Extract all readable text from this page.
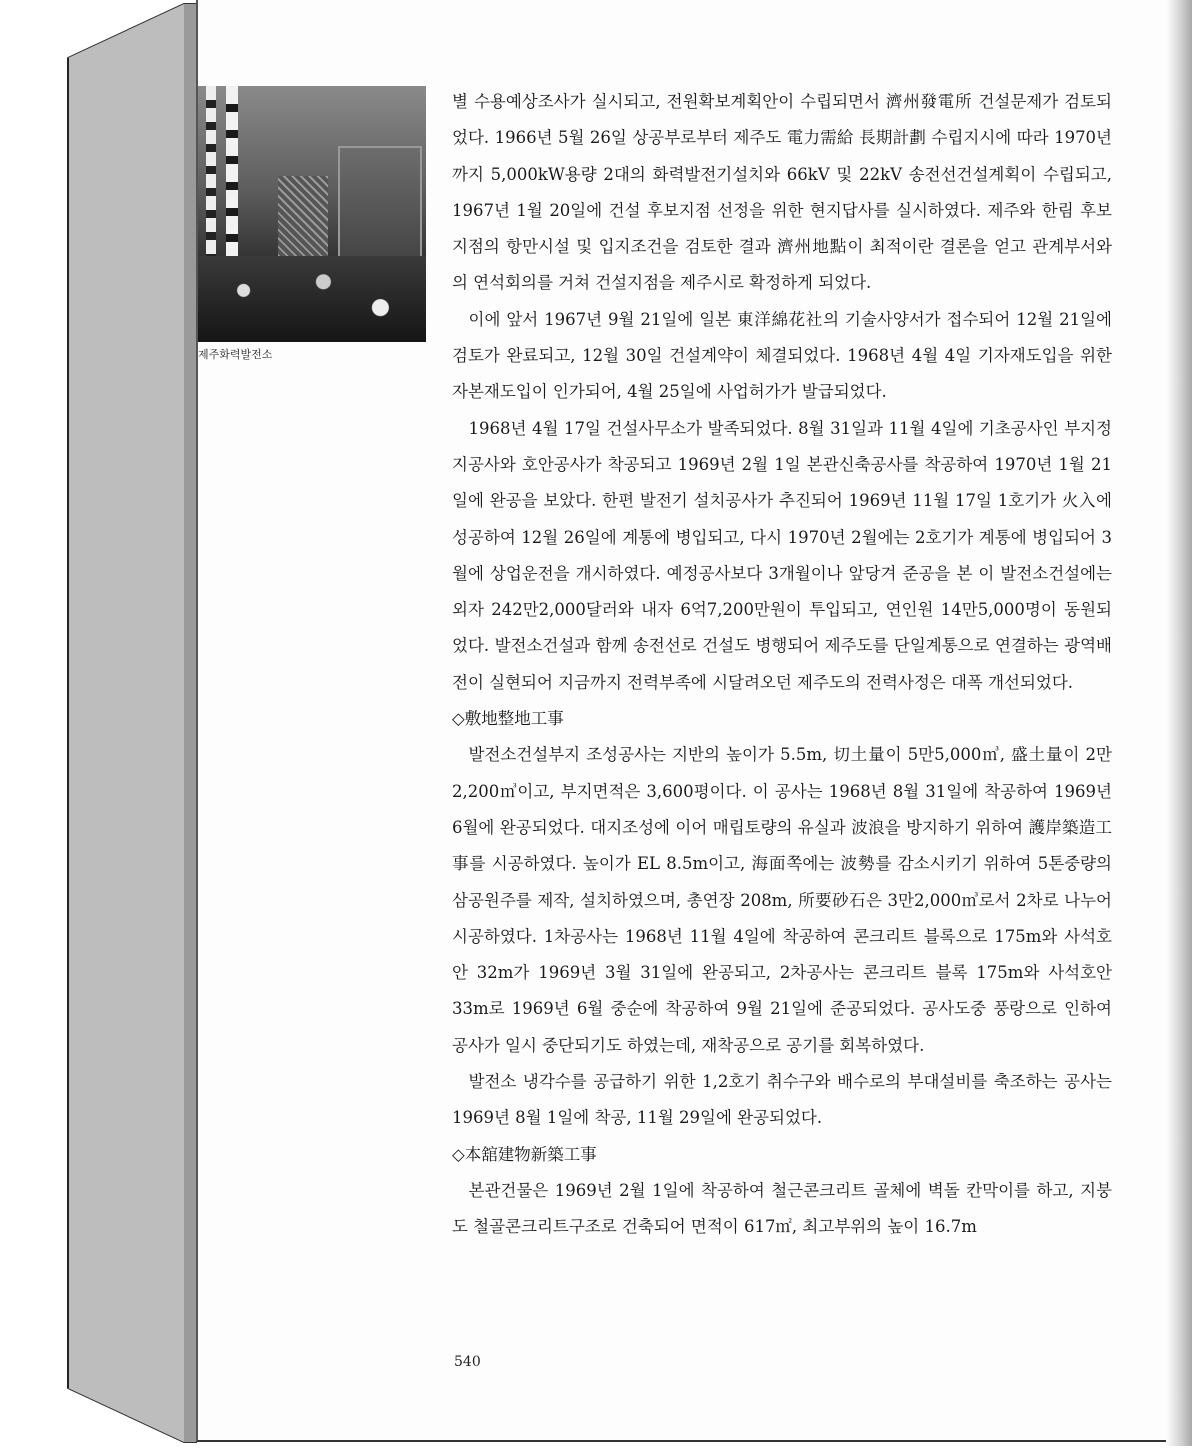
제주화력발전소

별 수용예상조사가 실시되고, 전원확보계획안이 수립되면서 濟州發電所 건설문제가 검토되었다. 1966년 5월 26일 상공부로부터 제주도 電力需給 長期計劃 수립지시에 따라 1970년까지 5,000kW용량 2대의 화력발전기설치와 66kV 및 22kV 송전선건설계획이 수립되고, 1967년 1월 20일에 건설 후보지점 선정을 위한 현지답사를 실시하였다. 제주와 한림 후보지점의 항만시설 및 입지조건을 검토한 결과 濟州地點이 최적이란 결론을 얻고 관계부서와의 연석회의를 거쳐 건설지점을 제주시로 확정하게 되었다.

이에 앞서 1967년 9월 21일에 일본 東洋綿花社의 기술사양서가 접수되어 12월 21일에 검토가 완료되고, 12월 30일 건설계약이 체결되었다. 1968년 4월 4일 기자재도입을 위한 자본재도입이 인가되어, 4월 25일에 사업허가가 발급되었다.

1968년 4월 17일 건설사무소가 발족되었다. 8월 31일과 11월 4일에 기초공사인 부지정지공사와 호안공사가 착공되고 1969년 2월 1일 본관신축공사를 착공하여 1970년 1월 21일에 완공을 보았다. 한편 발전기 설치공사가 추진되어 1969년 11월 17일 1호기가 火入에 성공하여 12월 26일에 계통에 병입되고, 다시 1970년 2월에는 2호기가 계통에 병입되어 3월에 상업운전을 개시하였다. 예정공사보다 3개월이나 앞당겨 준공을 본 이 발전소건설에는 외자 242만2,000달러와 내자 6억7,200만원이 투입되고, 연인원 14만5,000명이 동원되었다. 발전소건설과 함께 송전선로 건설도 병행되어 제주도를 단일계통으로 연결하는 광역배전이 실현되어 지금까지 전력부족에 시달려오던 제주도의 전력사정은 대폭 개선되었다.

◇敷地整地工事

발전소건설부지 조성공사는 지반의 높이가 5.5m, 切土量이 5만5,000㎥, 盛土量이 2만2,200㎥이고, 부지면적은 3,600평이다. 이 공사는 1968년 8월 31일에 착공하여 1969년 6월에 완공되었다. 대지조성에 이어 매립토량의 유실과 波浪을 방지하기 위하여 護岸築造工事를 시공하였다. 높이가 EL 8.5m이고, 海面쪽에는 波勢를 감소시키기 위하여 5톤중량의 삼공원주를 제작, 설치하였으며, 총연장 208m, 所要砂石은 3만2,000㎥로서 2차로 나누어 시공하였다. 1차공사는 1968년 11월 4일에 착공하여 콘크리트 블록으로 175m와 사석호안 32m가 1969년 3월 31일에 완공되고, 2차공사는 콘크리트 블록 175m와 사석호안 33m로 1969년 6월 중순에 착공하여 9월 21일에 준공되었다. 공사도중 풍랑으로 인하여 공사가 일시 중단되기도 하였는데, 재착공으로 공기를 회복하였다.

발전소 냉각수를 공급하기 위한 1,2호기 취수구와 배수로의 부대설비를 축조하는 공사는 1969년 8월 1일에 착공, 11월 29일에 완공되었다.

◇本舘建物新築工事

본관건물은 1969년 2월 1일에 착공하여 철근콘크리트 골체에 벽돌 칸막이를 하고, 지붕도 철골콘크리트구조로 건축되어 면적이 617㎡, 최고부위의 높이 16.7m

540
